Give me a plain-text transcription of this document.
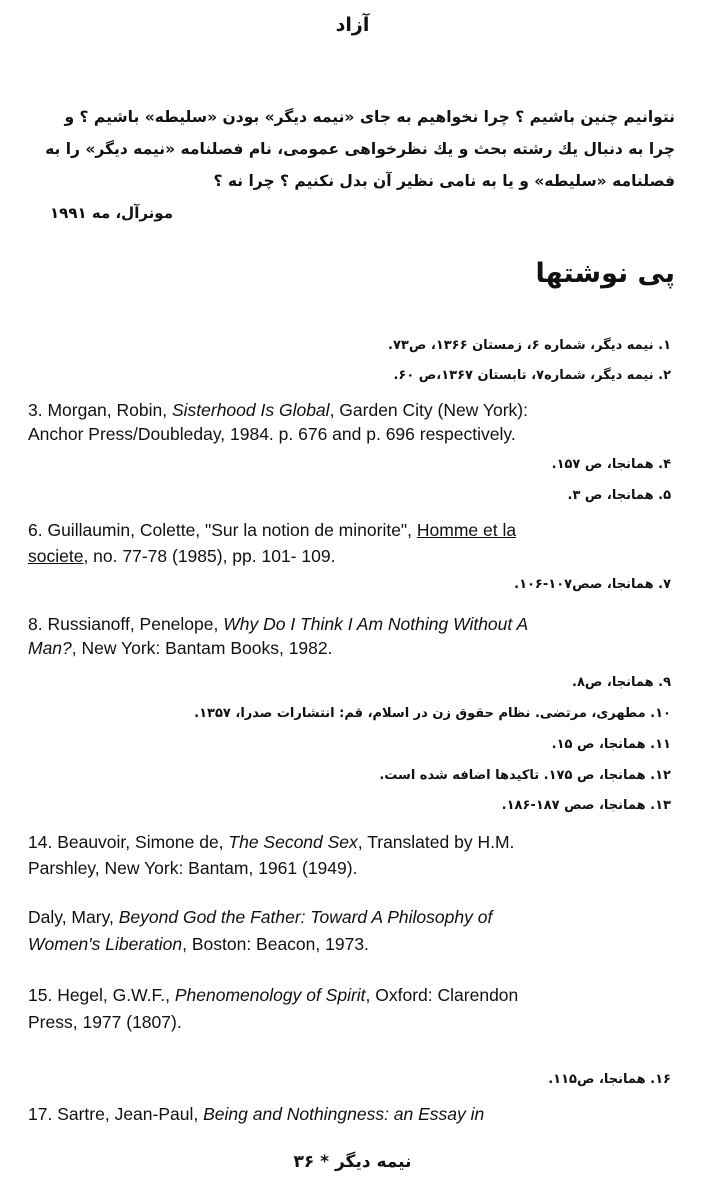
آزاد
نتوانیم چنین باشیم ؟ چرا نخواهیم به جای «نیمه دیگر» بودن «سلیطه» باشیم ؟ و
چرا به دنبال یك رشته بحث و یك نظرخواهی عمومی، نام فصلنامه «نیمه دیگر» را به
فصلنامه «سلیطه» و یا به نامی نظیر آن بدل نکنیم ؟ چرا نه ؟
مونرآل، مه ۱۹۹۱
پی نوشتها
۱. نیمه دیگر، شماره ۶، زمستان ۱۳۶۶، ص۷۳.
۲. نیمه دیگر، شماره۷، تابستان ۱۳۶۷،ص ۶۰.
3. Morgan, Robin, Sisterhood Is Global, Garden City (New York):
Anchor Press/Doubleday, 1984. p. 676 and p. 696 respectively.
۴. همانجا، ص ۱۵۷.
۵. همانجا، ص ۳.
6. Guillaumin, Colette, "Sur la notion de minorite", Homme et la
societe, no. 77-78 (1985), pp. 101- 109.
۷. همانجا، صص۱۰۷-۱۰۶.
8. Russianoff, Penelope, Why Do I Think I Am Nothing Without A
Man?, New York: Bantam Books, 1982.
۹. همانجا، ص۸.
۱۰. مطهری، مرتضی. نظام حقوق زن در اسلام، قم: انتشارات صدرا، ۱۳۵۷.
۱۱. همانجا، ص ۱۵.
۱۲. همانجا، ص ۱۷۵. تاکیدها اضافه شده است.
۱۳. همانجا، صص ۱۸۷-۱۸۶.
14. Beauvoir, Simone de, The Second Sex, Translated by H.M.
Parshley, New York: Bantam, 1961 (1949).
Daly, Mary, Beyond God the Father: Toward A Philosophy of
Women's Liberation, Boston: Beacon, 1973.
15. Hegel, G.W.F., Phenomenology of Spirit, Oxford: Clarendon
Press, 1977 (1807).
۱۶. همانجا، ص۱۱۵.
17. Sartre, Jean-Paul, Being and Nothingness: an Essay in
نیمه دیگر * ۳۶
